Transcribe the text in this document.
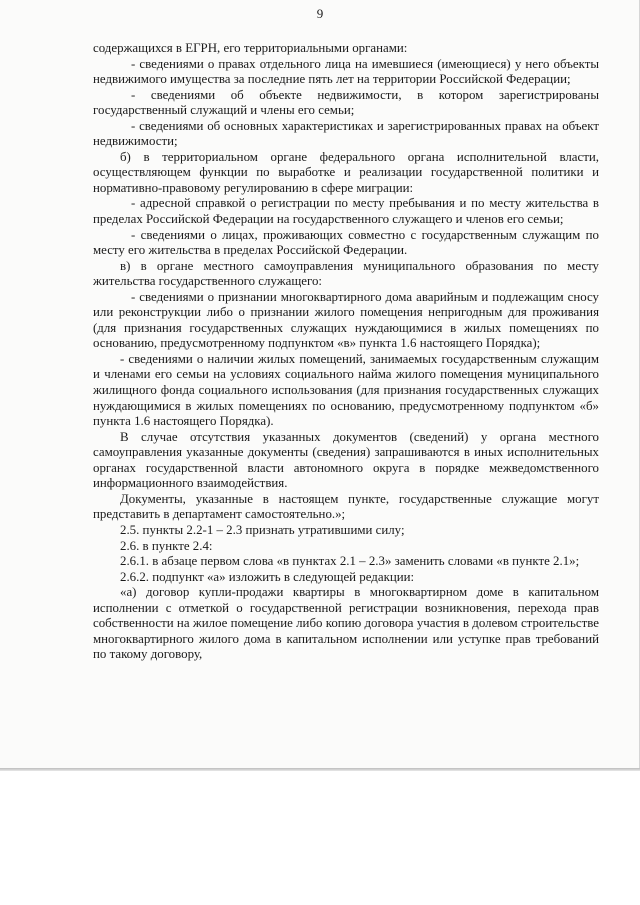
9

содержащихся в ЕГРН, его территориальными органами:

- сведениями о правах отдельного лица на имевшиеся (имеющиеся) у него объекты недвижимого имущества за последние пять лет на территории Российской Федерации;

- сведениями об объекте недвижимости, в котором зарегистрированы государственный служащий и члены его семьи;

- сведениями об основных характеристиках и зарегистрированных правах на объект недвижимости;

б) в территориальном органе федерального органа исполнительной власти, осуществляющем функции по выработке и реализации государственной политики и нормативно-правовому регулированию в сфере миграции:

- адресной справкой о регистрации по месту пребывания и по месту жительства в пределах Российской Федерации на государственного служащего и членов его семьи;

- сведениями о лицах, проживающих совместно с государственным служащим по месту его жительства в пределах Российской Федерации.

в) в органе местного самоуправления муниципального образования по месту жительства государственного служащего:

- сведениями о признании многоквартирного дома аварийным и подлежащим сносу или реконструкции либо о признании жилого помещения непригодным для проживания (для признания государственных служащих нуждающимися в жилых помещениях по основанию, предусмотренному подпунктом «в» пункта 1.6 настоящего Порядка);

- сведениями о наличии жилых помещений, занимаемых государственным служащим и членами его семьи на условиях социального найма жилого помещения муниципального жилищного фонда социального использования (для признания государственных служащих нуждающимися в жилых помещениях по основанию, предусмотренному подпунктом «б» пункта 1.6 настоящего Порядка).

В случае отсутствия указанных документов (сведений) у органа местного самоуправления указанные документы (сведения) запрашиваются в иных исполнительных органах государственной власти автономного округа в порядке межведомственного информационного взаимодействия.

Документы, указанные в настоящем пункте, государственные служащие могут представить в департамент самостоятельно.»;

2.5. пункты 2.2-1 – 2.3 признать утратившими силу;

2.6. в пункте 2.4:

2.6.1. в абзаце первом слова «в пунктах 2.1 – 2.3» заменить словами «в пункте 2.1»;

2.6.2. подпункт «а» изложить в следующей редакции:

«а) договор купли-продажи квартиры в многоквартирном доме в капитальном исполнении с отметкой о государственной регистрации возникновения, перехода прав собственности на жилое помещение либо копию договора участия в долевом строительстве многоквартирного жилого дома в капитальном исполнении или уступке прав требований по такому договору,
